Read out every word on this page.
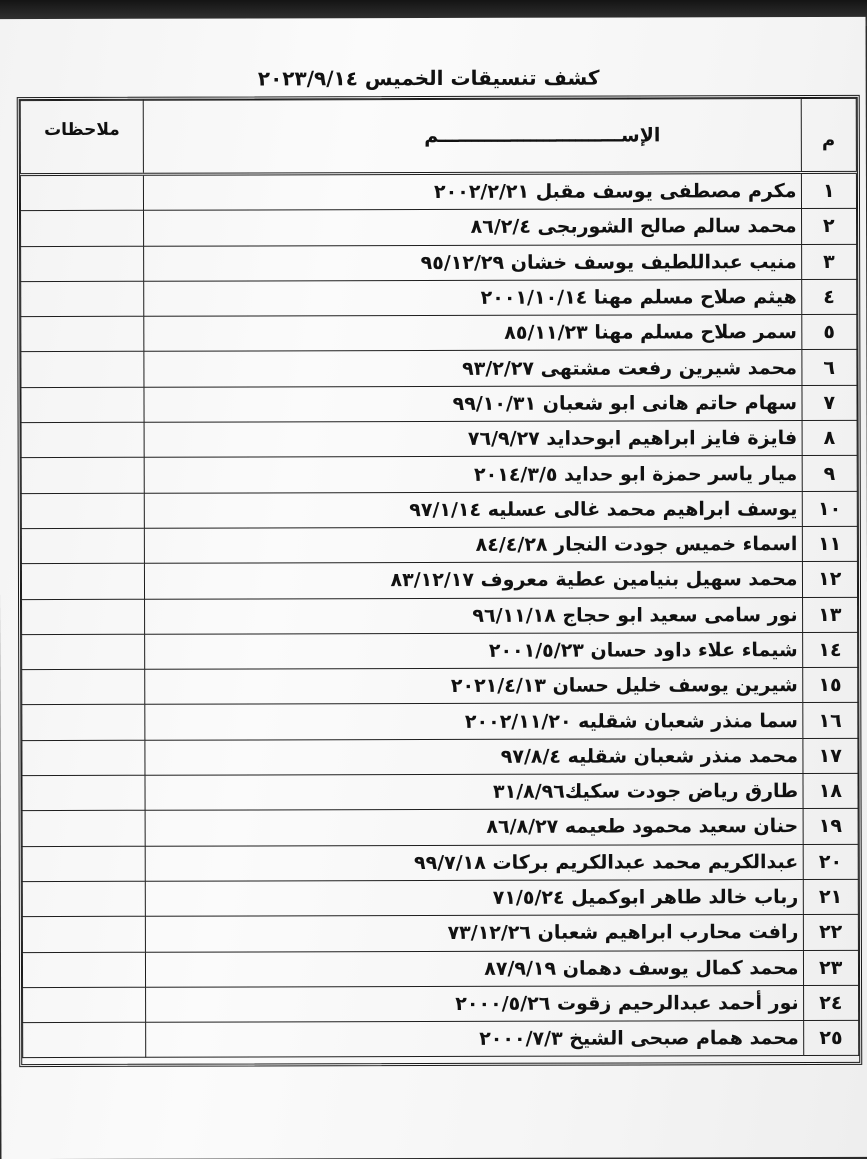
كشف تنسيقات الخميس ٢٠٢٣/٩/١٤
م	الإســــــــــــــــــــــــــــم	ملاحظات
١	مكرم مصطفى يوسف مقبل ٢٠٠٢/٢/٢١	
٢	محمد سالم صالح الشوربجى ٨٦/٢/٤	
٣	منيب عبداللطيف يوسف خشان ٩٥/١٢/٢٩	
٤	هيثم صلاح مسلم مهنا ٢٠٠١/١٠/١٤	
٥	سمر صلاح مسلم مهنا ٨٥/١١/٢٣	
٦	محمد شيرين رفعت مشتهى ٩٣/٢/٢٧	
٧	سهام حاتم هانى ابو شعبان ٩٩/١٠/٣١	
٨	فايزة فايز ابراهيم ابوحدايد ٧٦/٩/٢٧	
٩	ميار ياسر حمزة ابو حدايد ٢٠١٤/٣/٥	
١٠	يوسف ابراهيم محمد غالى عسليه ٩٧/١/١٤	
١١	اسماء خميس جودت النجار ٨٤/٤/٢٨	
١٢	محمد سهيل بنيامين عطية معروف ٨٣/١٢/١٧	
١٣	نور سامى سعيد ابو حجاج ٩٦/١١/١٨	
١٤	شيماء علاء داود حسان ٢٠٠١/٥/٢٣	
١٥	شيرين يوسف خليل حسان ٢٠٢١/٤/١٣	
١٦	سما منذر شعبان شقليه ٢٠٠٢/١١/٢٠	
١٧	محمد منذر شعبان شقليه ٩٧/٨/٤	
١٨	طارق رياض جودت سكيك٣١/٨/٩٦	
١٩	حنان سعيد محمود طعيمه ٨٦/٨/٢٧	
٢٠	عبدالكريم محمد عبدالكريم بركات ٩٩/٧/١٨	
٢١	رباب خالد طاهر ابوكميل ٧١/٥/٢٤	
٢٢	رافت محارب ابراهيم شعبان ٧٣/١٢/٢٦	
٢٣	محمد كمال يوسف دهمان ٨٧/٩/١٩	
٢٤	نور أحمد عبدالرحيم زقوت ٢٠٠٠/٥/٢٦	
٢٥	محمد همام صبحى الشيخ ٢٠٠٠/٧/٣	
